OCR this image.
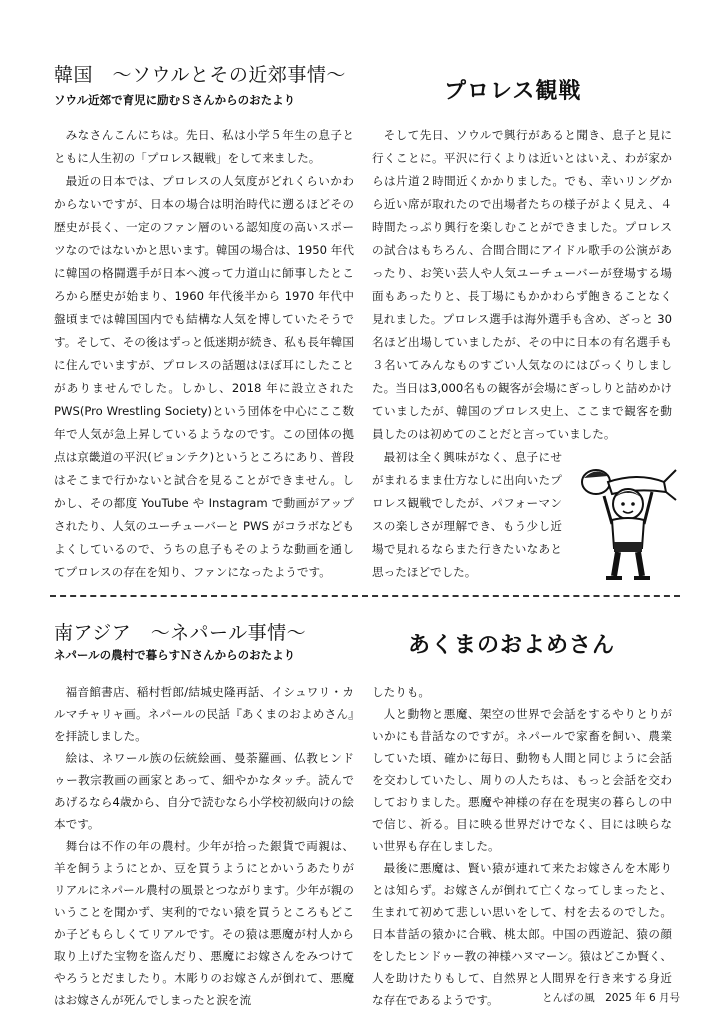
韓国　～ソウルとその近郊事情～
ソウル近郊で育児に励むＳさんからのおたより	プロレス観戦

みなさんこんにちは。先日、私は小学５年生の息子とともに人生初の「プロレス観戦」をして来ました。

最近の日本では、プロレスの人気度がどれくらいかわからないですが、日本の場合は明治時代に遡るほどその歴史が長く、一定のファン層のいる認知度の高いスポーツなのではないかと思います。韓国の場合は、1950 年代に韓国の格闘選手が日本へ渡って力道山に師事したところから歴史が始まり、1960 年代後半から 1970 年代中盤頃までは韓国国内でも結構な人気を博していたそうです。そして、その後はずっと低迷期が続き、私も長年韓国に住んでいますが、プロレスの話題はほぼ耳にしたことがありませんでした。しかし、2018 年に設立された PWS(Pro Wrestling Society)という団体を中心にここ数年で人気が急上昇しているようなのです。この団体の拠点は京畿道の平沢(ピョンテク)というところにあり、普段はそこまで行かないと試合を見ることができません。しかし、その都度 YouTube や Instagram で動画がアップされたり、人気のユーチューバーと PWS がコラボなどもよくしているので、うちの息子もそのような動画を通してプロレスの存在を知り、ファンになったようです。

そして先日、ソウルで興行があると聞き、息子と見に行くことに。平沢に行くよりは近いとはいえ、わが家からは片道２時間近くかかりました。でも、幸いリングから近い席が取れたので出場者たちの様子がよく見え、４時間たっぷり興行を楽しむことができました。プロレスの試合はもちろん、合間合間にアイドル歌手の公演があったり、お笑い芸人や人気ユーチューバーが登場する場面もあったりと、長丁場にもかかわらず飽きることなく見れました。プロレス選手は海外選手も含め、ざっと 30 名ほど出場していましたが、その中に日本の有名選手も３名いてみんなものすごい人気なのにはびっくりしました。当日は3,000名もの観客が会場にぎっしりと詰めかけていましたが、韓国のプロレス史上、ここまで観客を動員したのは初めてのことだと言っていました。

最初は全く興味がなく、息子にせがまれるまま仕方なしに出向いたプロレス観戦でしたが、パフォーマンスの楽しさが理解でき、もう少し近場で見れるならまた行きたいなあと思ったほどでした。

南アジア　～ネパール事情～
ネパールの農村で暮らすＮさんからのおたより	あくまのおよめさん

福音館書店、稲村哲郎/結城史隆再話、イシュワリ・カルマチャリャ画。ネパールの民話『あくまのおよめさん』を拝読しました。

絵は、ネワール族の伝統絵画、曼荼羅画、仏教ヒンドゥー教宗教画の画家とあって、細やかなタッチ。読んであげるなら4歳から、自分で読むなら小学校初級向けの絵本です。

舞台は不作の年の農村。少年が拾った銀貨で両親は、羊を飼うようにとか、豆を買うようにとかいうあたりがリアルにネパール農村の風景とつながります。少年が親のいうことを聞かず、実利的でない猿を買うところもどこか子どもらしくてリアルです。その猿は悪魔が村人から取り上げた宝物を盗んだり、悪魔にお嫁さんをみつけてやろうとだましたり。木彫りのお嫁さんが倒れて、悪魔はお嫁さんが死んでしまったと涙を流

したりも。

人と動物と悪魔、架空の世界で会話をするやりとりがいかにも昔話なのですが。ネパールで家畜を飼い、農業していた頃、確かに毎日、動物も人間と同じように会話を交わしていたし、周りの人たちは、もっと会話を交わしておりました。悪魔や神様の存在を現実の暮らしの中で信じ、祈る。目に映る世界だけでなく、目には映らない世界も存在しました。

最後に悪魔は、賢い猿が連れて来たお嫁さんを木彫りとは知らず。お嫁さんが倒れて亡くなってしまったと、生まれて初めて悲しい思いをして、村を去るのでした。日本昔話の猿かに合戦、桃太郎。中国の西遊記、猿の顔をしたヒンドゥー教の神様ハヌマーン。猿はどこか賢く、人を助けたりもして、自然界と人間界を行き来する身近な存在であるようです。	とんぱの風　2025 年 6 月号
